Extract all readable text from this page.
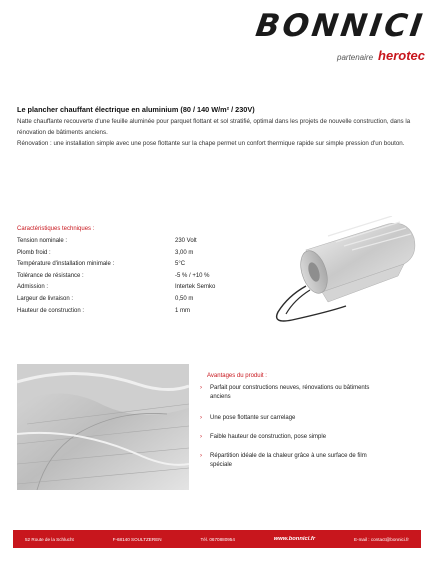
BONNICI
partenaire herotec
Le plancher chauffant électrique en aluminium (80 / 140 W/m² / 230V)

Natte chauffante recouverte d'une feuille aluminée pour parquet flottant et sol stratifié, optimal dans les projets de nouvelle construction, dans la rénovation de bâtiments anciens.

Rénovation : une installation simple avec une pose flottante sur la chape permet un confort thermique rapide sur simple pression d'un bouton.

Caractéristiques techniques :
Tension nominale :	230 Volt
Plomb froid :	3,00 m
Température d'installation minimale :	5°C
Tolérance de résistance :	-5 % / +10 %
Admission :	Intertek Semko
Largeur de livraison :	0,50 m
Hauteur de construction :	1 mm
Avantages du produit :
›	Parfait pour constructions neuves, rénovations ou bâtiments anciens
›	Une pose flottante sur carrelage
›	Faible hauteur de construction, pose simple
›	Répartition idéale de la chaleur grâce à une surface de film spéciale
52 Route de la Schlucht	F-68140 SOULTZEREN	Tél. 0670880954	www.bonnici.fr	E-mail : contact@bonnici.fr
